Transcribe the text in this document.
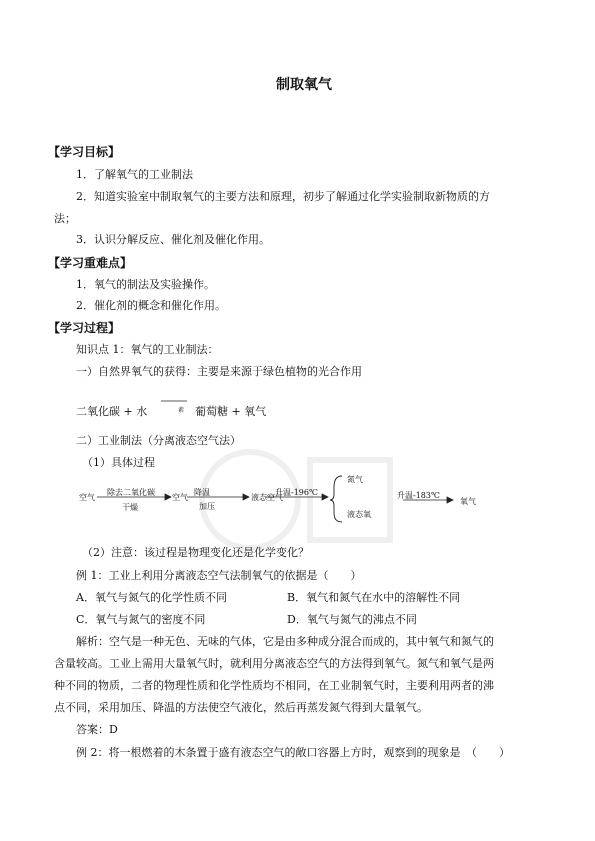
制取氧气
【学习目标】
1．了解氧气的工业制法
2．知道实验室中制取氧气的主要方法和原理，初步了解通过化学实验制取新物质的方
法；
3．认识分解反应、催化剂及催化作用。
【学习重难点】
1．氧气的制法及实验操作。
2．催化剂的概念和催化作用。
【学习过程】
知识点 1：氧气的工业制法：
一）自然界氧气的获得：主要是来源于绿色植物的光合作用
二氧化碳 + 水	素 葡萄糖 + 氧气
二）工业制法（分离液态空气法）
（1）具体过程
空气
除去二氧化碳
干燥
空气
降温
加压
液态空气
升温-196℃
氮气
液态氧
升温-183℃
氧气
（2）注意：该过程是物理变化还是化学变化？
例 1：工业上利用分离液态空气法制氧气的依据是（　　）
A．氧气与氮气的化学性质不同	B．氧气和氮气在水中的溶解性不同
C．氧气与氮气的密度不同	D．氧气与氮气的沸点不同
解析：空气是一种无色、无味的气体，它是由多种成分混合而成的，其中氧气和氮气的
含量较高。工业上需用大量氧气时，就利用分离液态空气的方法得到氧气。氮气和氧气是两
种不同的物质，二者的物理性质和化学性质均不相同，在工业制氧气时，主要利用两者的沸
点不同，采用加压、降温的方法使空气液化，然后再蒸发氮气得到大量氧气。
答案：D
例 2：将一根燃着的木条置于盛有液态空气的敞口容器上方时，观察到的现象是　（　　）
